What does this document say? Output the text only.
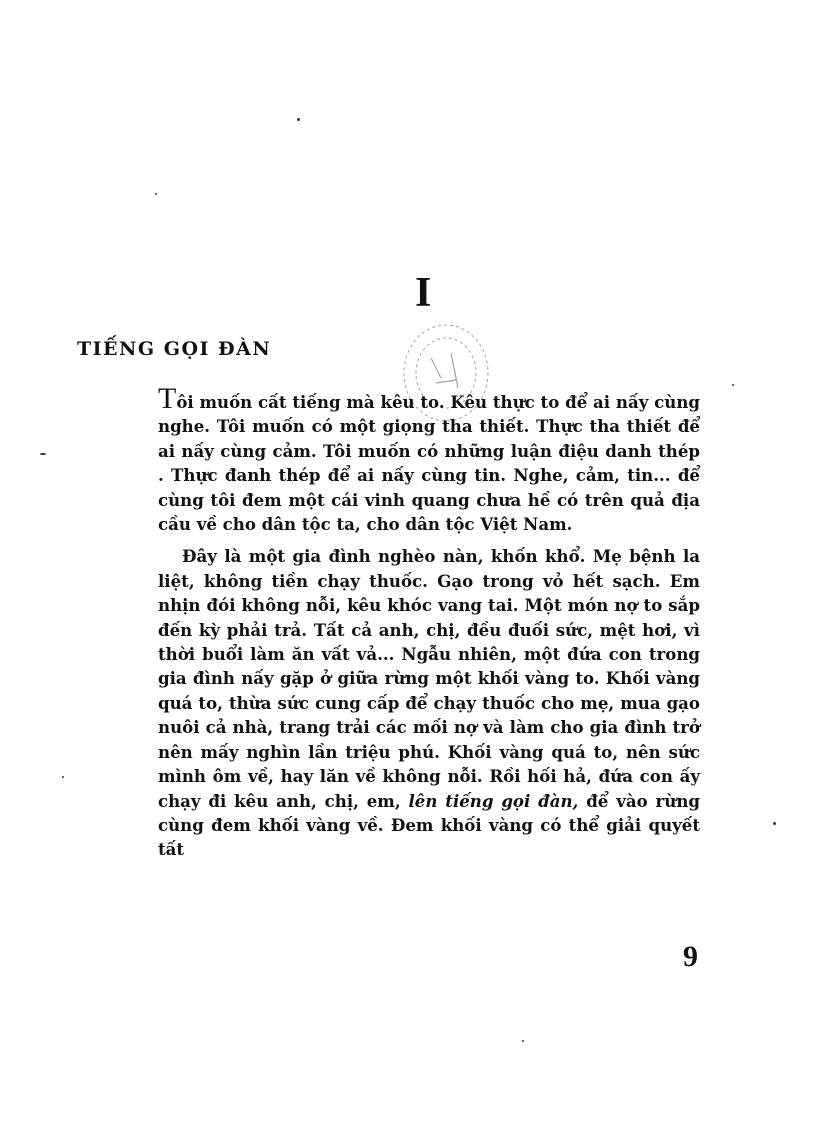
I
TIẾNG GỌI ĐÀN

Tôi muốn cất tiếng mà kêu to. Kêu thực to để ai nấy cùng nghe. Tôi muốn có một giọng tha thiết. Thực tha thiết để ai nấy cùng cảm. Tôi muốn có những luận điệu danh thép . Thực đanh thép để ai nấy cùng tin. Nghe, cảm, tin... để cùng tôi đem một cái vinh quang chưa hề có trên quả địa cầu về cho dân tộc ta, cho dân tộc Việt Nam.

Đây là một gia đình nghèo nàn, khốn khổ. Mẹ bệnh la liệt, không tiền chạy thuốc. Gạo trong vỏ hết sạch. Em nhịn đói không nỗi, kêu khóc vang tai. Một món nợ to sắp đến kỳ phải trả. Tất cả anh, chị, đều đuối sức, mệt hơi, vì thời buổi làm ăn vất vả... Ngẫu nhiên, một đứa con trong gia đình nấy gặp ở giữa rừng một khối vàng to. Khối vàng quá to, thừa sức cung cấp để chạy thuốc cho mẹ, mua gạo nuôi cả nhà, trang trải các mối nợ và làm cho gia đình trở nên mấy nghìn lần triệu phú. Khối vàng quá to, nên sức mình ôm về, hay lăn về không nỗi. Rồi hối hả, đứa con ấy chạy đi kêu anh, chị, em, lên tiếng gọi đàn, để vào rừng cùng đem khối vàng về. Đem khối vàng có thể giải quyết tất

9
